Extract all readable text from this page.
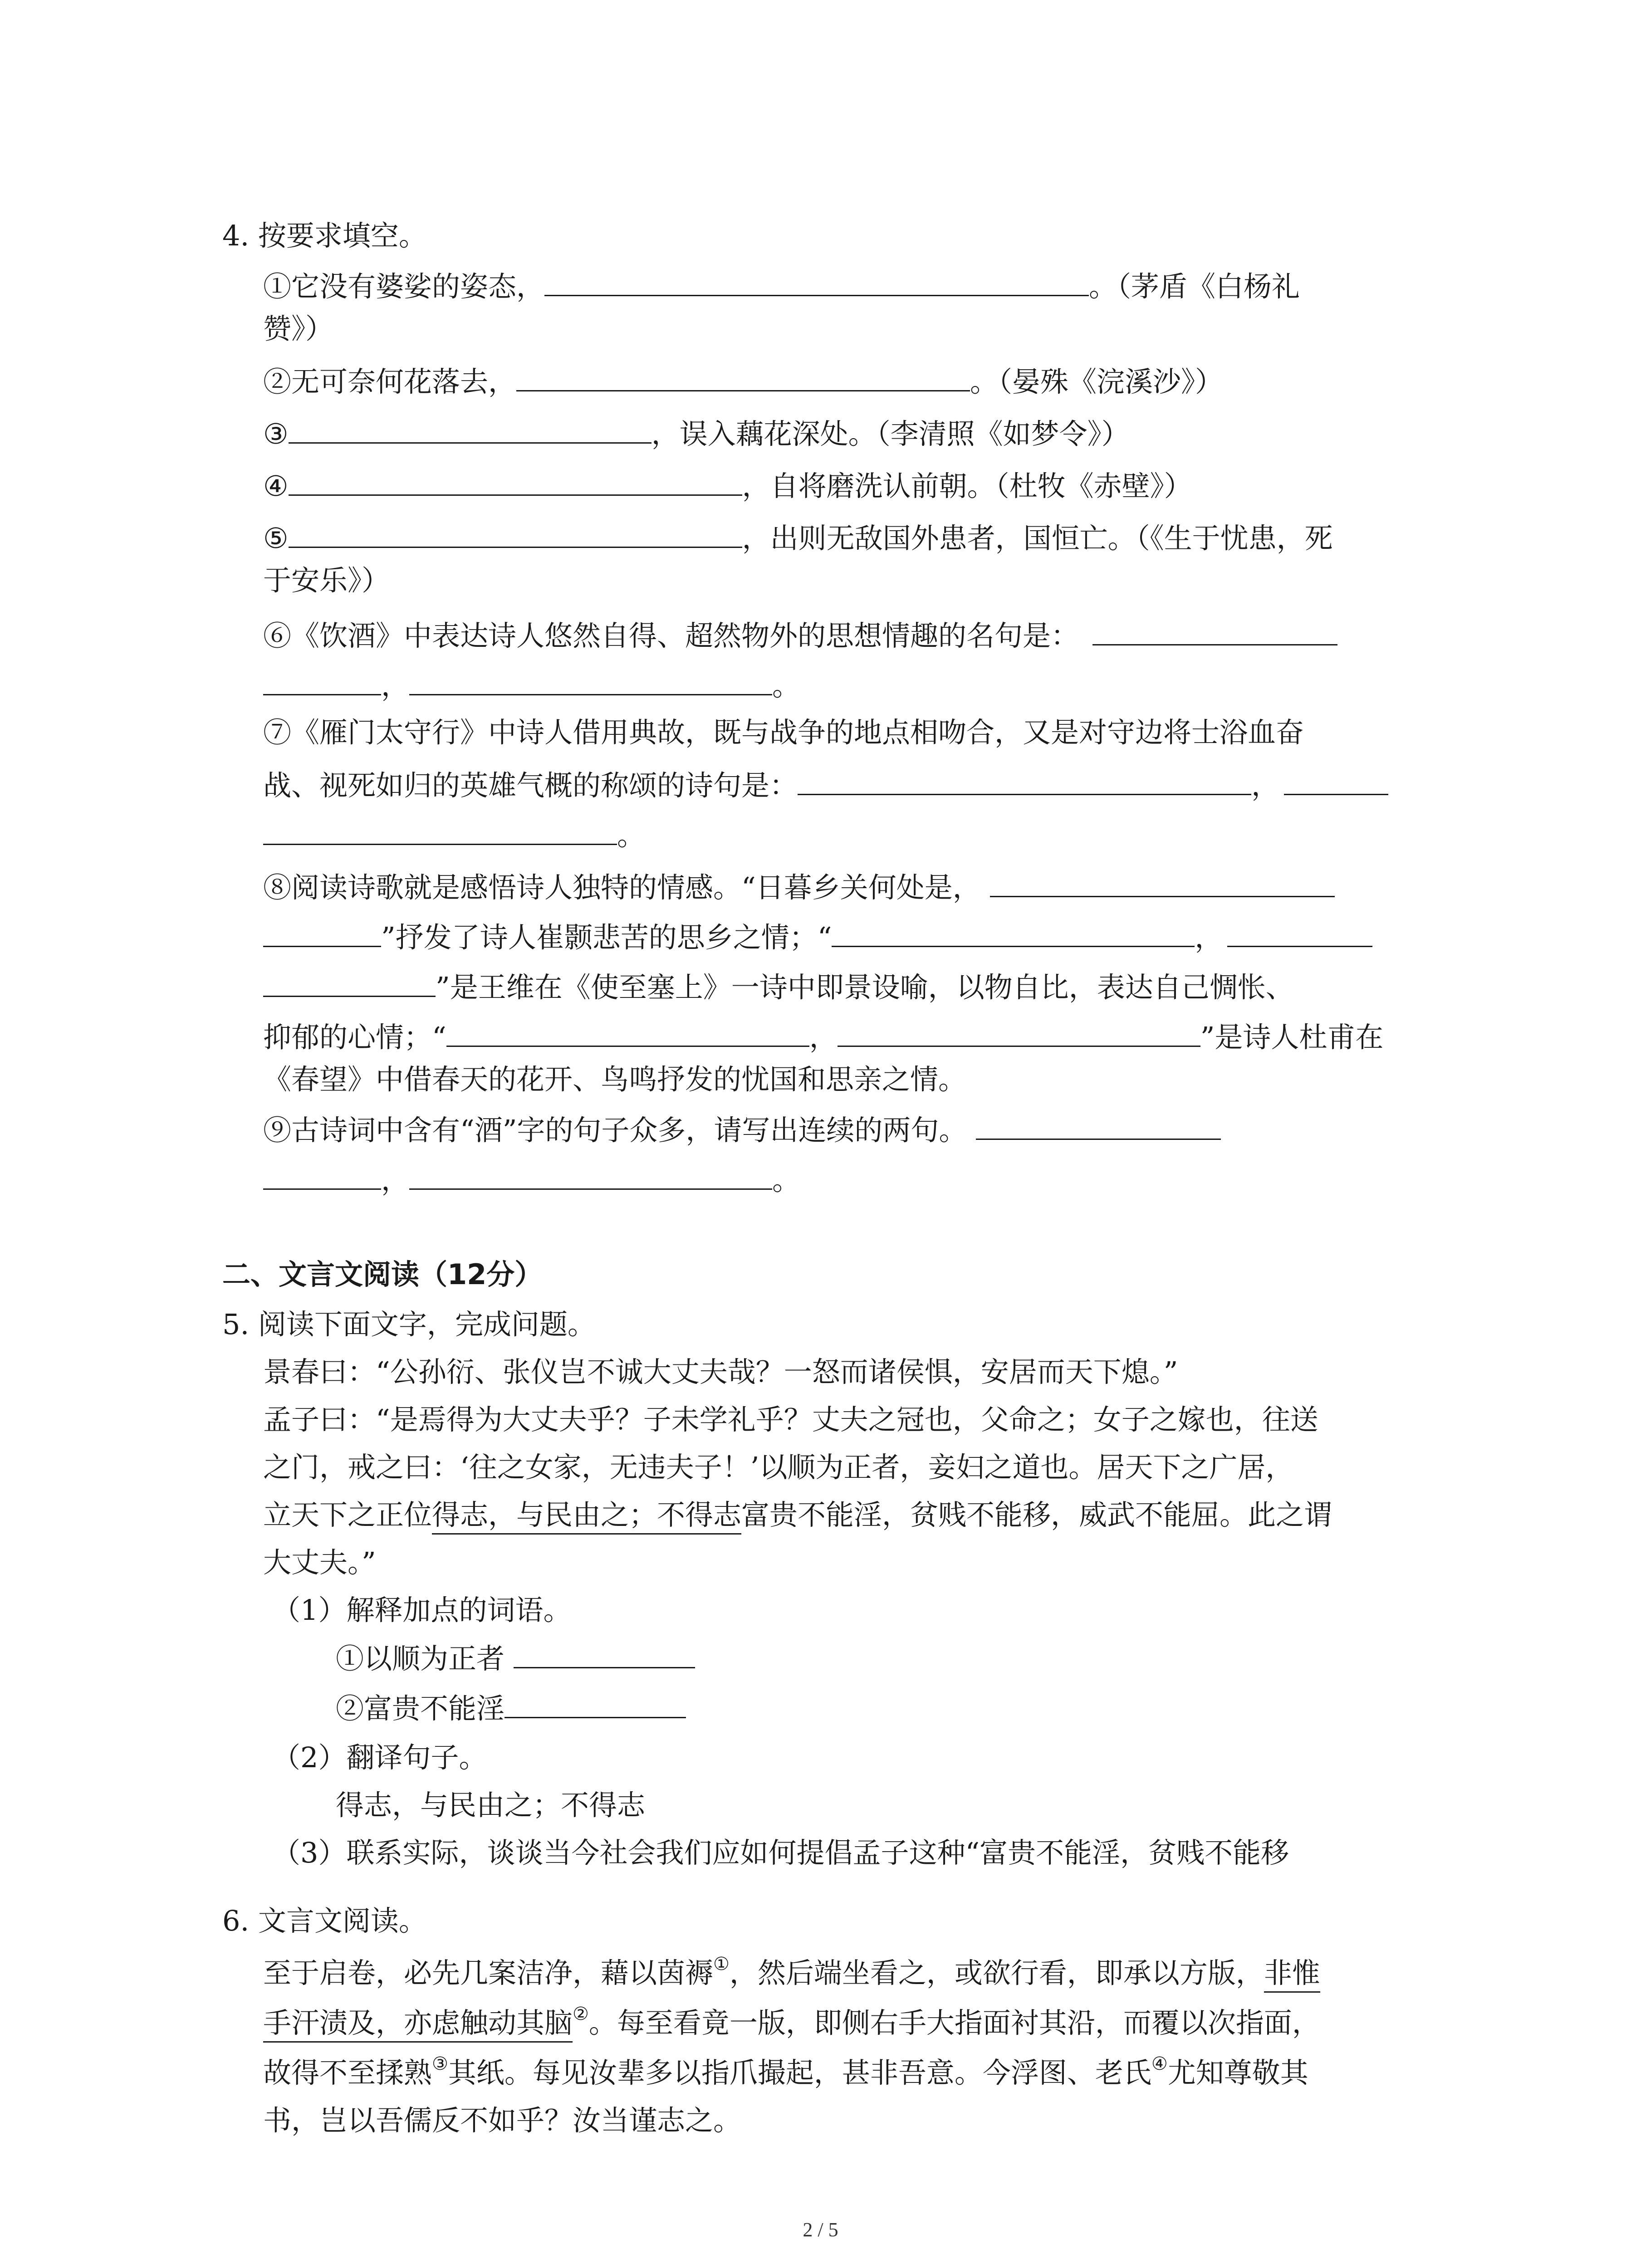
4. 按要求填空。
①它没有婆娑的姿态，	。（茅盾《白杨礼
赞》）
②无可奈何花落去，	。（晏殊《浣溪沙》）
③	，误入藕花深处。（李清照《如梦令》）
④	，自将磨洗认前朝。（杜牧《赤壁》）
⑤	，出则无敌国外患者，国恒亡。（《生于忧患，死
于安乐》）
⑥《饮酒》中表达诗人悠然自得、超然物外的思想情趣的名句是：
，	。
⑦《雁门太守行》中诗人借用典故，既与战争的地点相吻合，又是对守边将士浴血奋
战、视死如归的英雄气概的称颂的诗句是：	，
。
⑧阅读诗歌就是感悟诗人独特的情感。“日暮乡关何处是，
”抒发了诗人崔颢悲苦的思乡之情；“	，
”是王维在《使至塞上》一诗中即景设喻，以物自比，表达自己惆怅、
抑郁的心情；“	，	”是诗人杜甫在
《春望》中借春天的花开、鸟鸣抒发的忧国和思亲之情。
⑨古诗词中含有“酒”字的句子众多，请写出连续的两句。
，	。
二、文言文阅读（12分）
5. 阅读下面文字，完成问题。
景春曰：“公孙衍、张仪岂不诚大丈夫哉？一怒而诸侯惧，安居而天下熄。”
孟子曰：“是焉得为大丈夫乎？子未学礼乎？丈夫之冠也，父命之；女子之嫁也，往送
之门，戒之曰：‘往之女家，无违夫子！’以顺为正者，妾妇之道也。居天下之广居，
立天下之正位得志，与民由之；不得志富贵不能淫，贫贱不能移，威武不能屈。此之谓
大丈夫。”
（1）解释加点的词语。
①以顺为正者
②富贵不能淫
（2）翻译句子。
得志，与民由之；不得志
（3）联系实际，谈谈当今社会我们应如何提倡孟子这种“富贵不能淫，贫贱不能移
6. 文言文阅读。
至于启卷，必先几案洁净，藉以茵褥①，然后端坐看之，或欲行看，即承以方版，非惟
手汗渍及，亦虑触动其脑②。每至看竟一版，即侧右手大指面衬其沿，而覆以次指面，
故得不至揉熟③其纸。每见汝辈多以指爪撮起，甚非吾意。今浮图、老氏④尤知尊敬其
书，岂以吾儒反不如乎？汝当谨志之。
2 / 5
